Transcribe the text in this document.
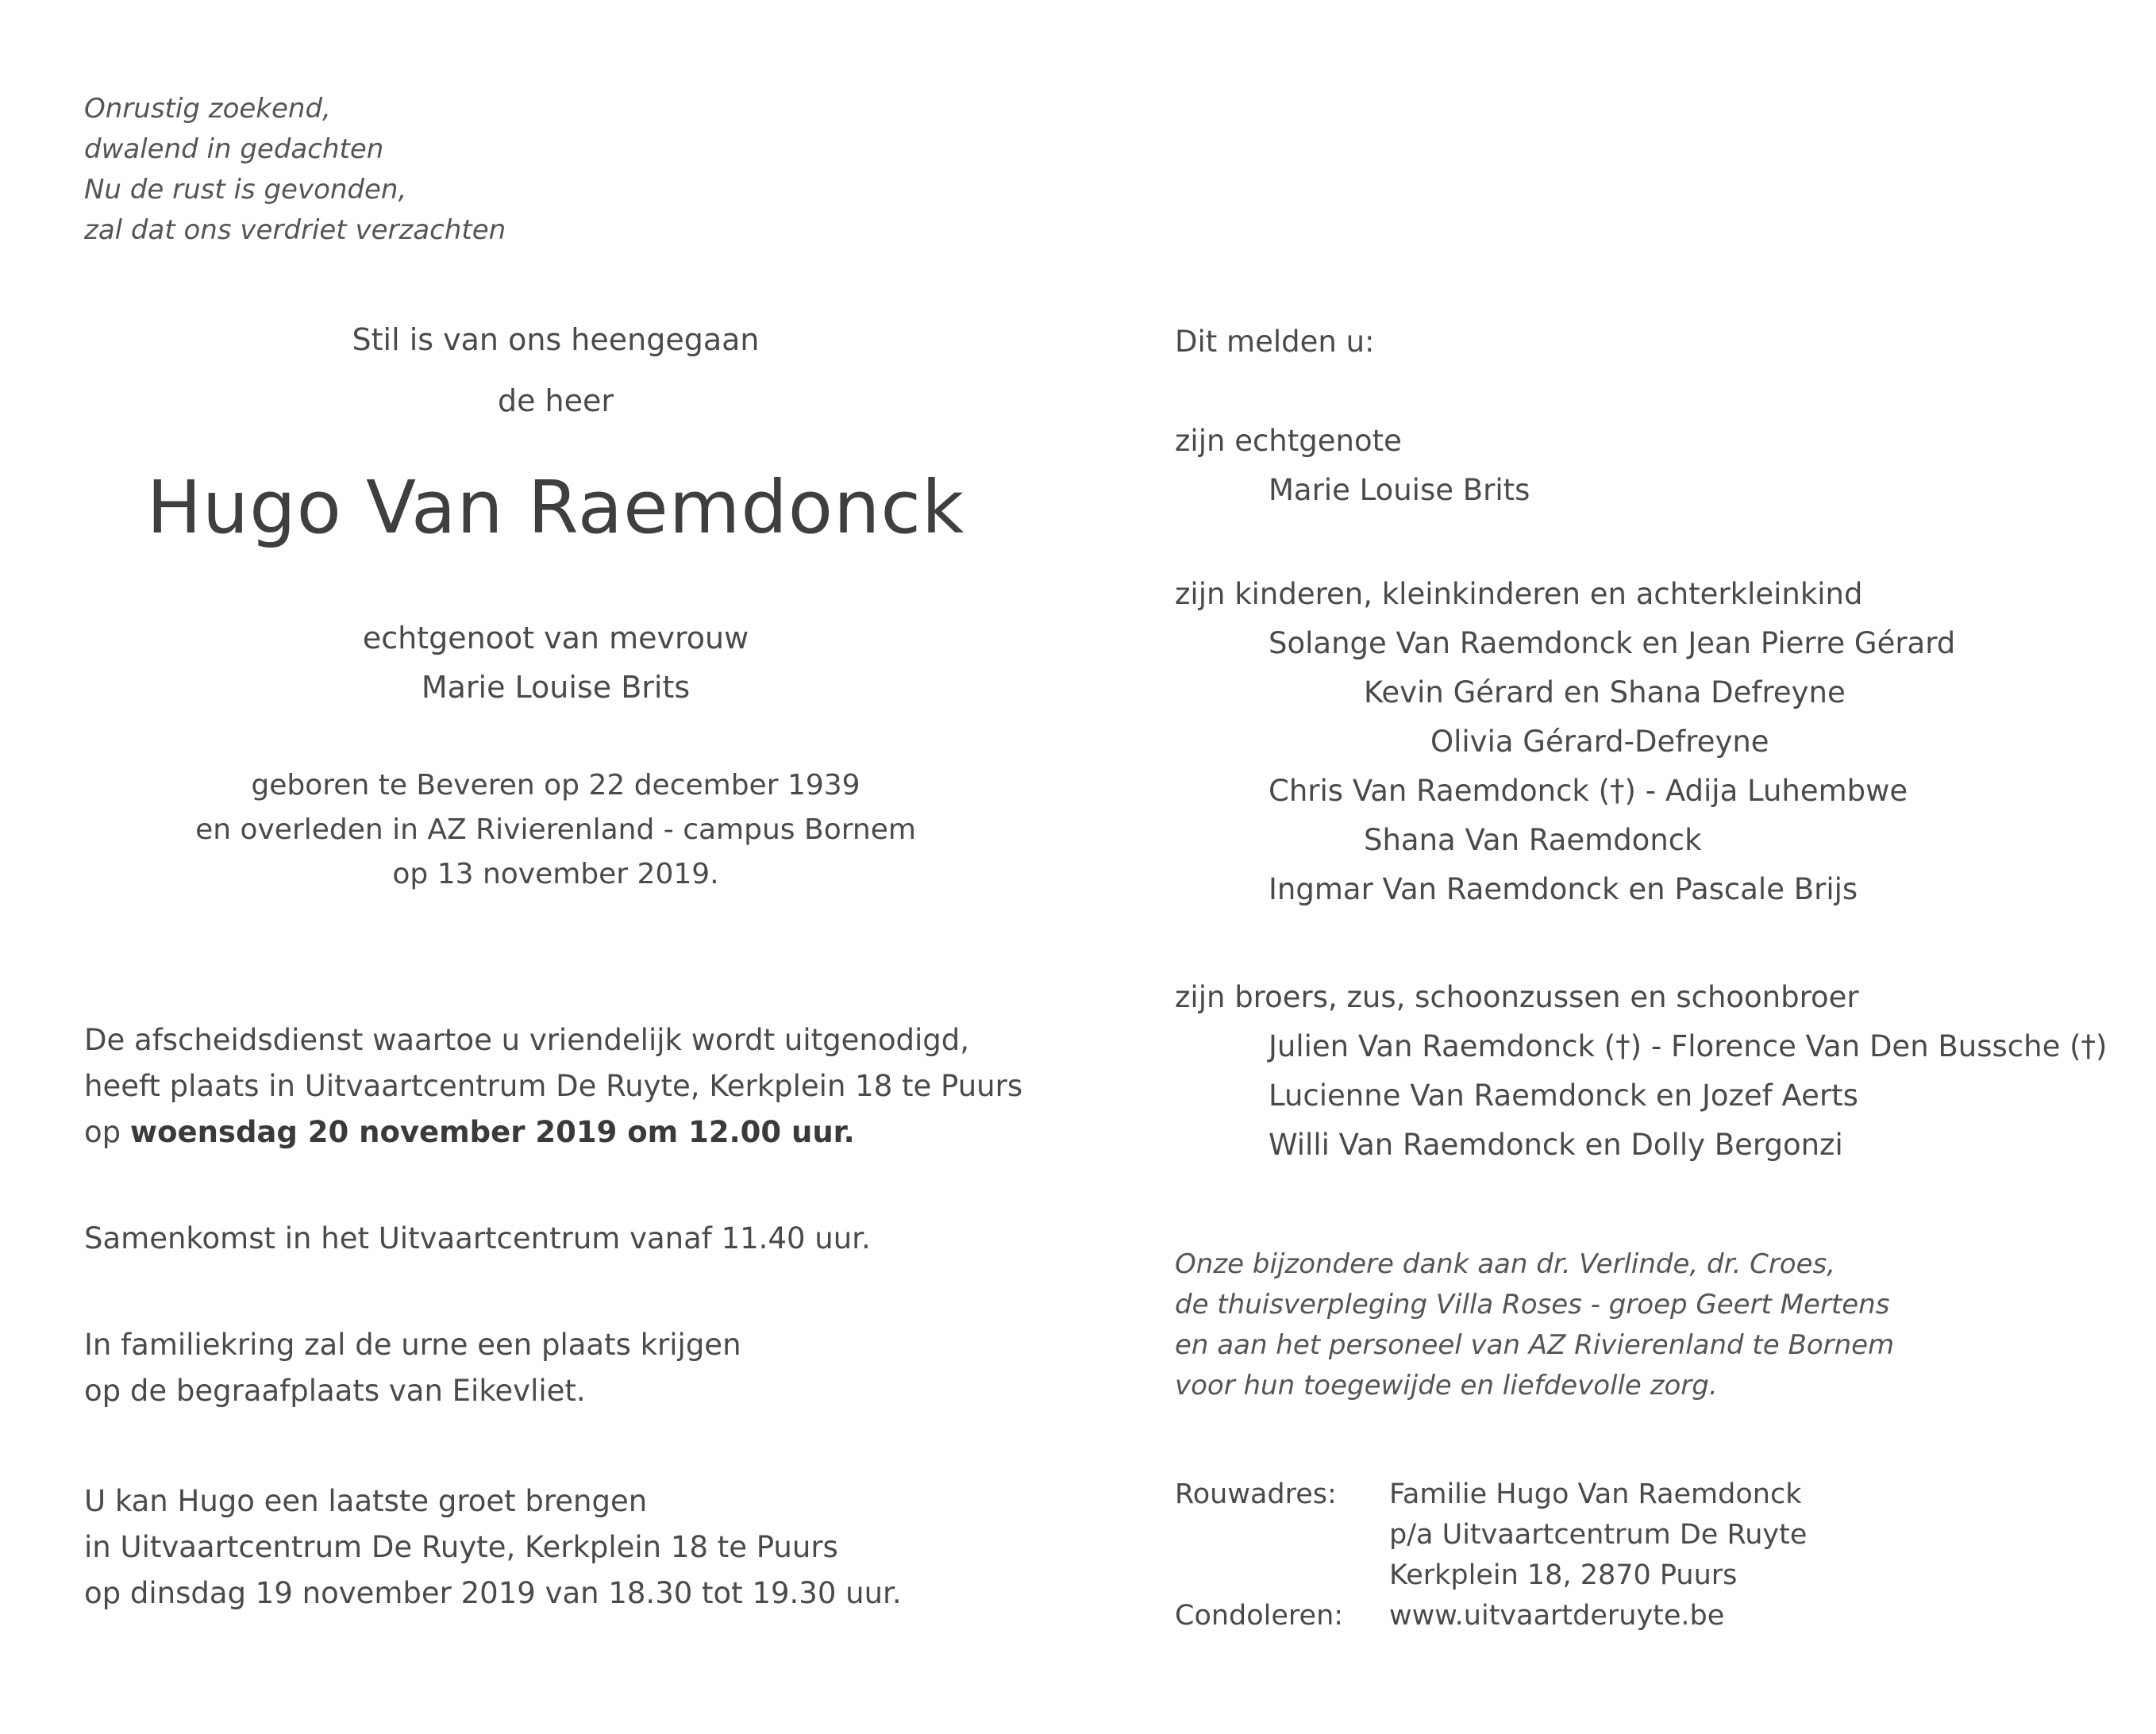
Onrustig zoekend,
dwalend in gedachten
Nu de rust is gevonden,
zal dat ons verdriet verzachten
Stil is van ons heengegaan
de heer
Hugo Van Raemdonck
echtgenoot van mevrouw
Marie Louise Brits
geboren te Beveren op 22 december 1939
en overleden in AZ Rivierenland - campus Bornem
op 13 november 2019.
De afscheidsdienst waartoe u vriendelijk wordt uitgenodigd,
heeft plaats in Uitvaartcentrum De Ruyte, Kerkplein 18 te Puurs
op woensdag 20 november 2019 om 12.00 uur.
Samenkomst in het Uitvaartcentrum vanaf 11.40 uur.
In familiekring zal de urne een plaats krijgen
op de begraafplaats van Eikevliet.
U kan Hugo een laatste groet brengen
in Uitvaartcentrum De Ruyte, Kerkplein 18 te Puurs
op dinsdag 19 november 2019 van 18.30 tot 19.30 uur.
Dit melden u:
zijn echtgenote
Marie Louise Brits
zijn kinderen, kleinkinderen en achterkleinkind
Solange Van Raemdonck en Jean Pierre Gérard
Kevin Gérard en Shana Defreyne
Olivia Gérard-Defreyne
Chris Van Raemdonck (†) - Adija Luhembwe
Shana Van Raemdonck
Ingmar Van Raemdonck en Pascale Brijs
zijn broers, zus, schoonzussen en schoonbroer
Julien Van Raemdonck (†) - Florence Van Den Bussche (†)
Lucienne Van Raemdonck en Jozef Aerts
Willi Van Raemdonck en Dolly Bergonzi
Onze bijzondere dank aan dr. Verlinde, dr. Croes,
de thuisverpleging Villa Roses - groep Geert Mertens
en aan het personeel van AZ Rivierenland te Bornem
voor hun toegewijde en liefdevolle zorg.
Rouwadres: Familie Hugo Van Raemdonck
p/a Uitvaartcentrum De Ruyte
Kerkplein 18, 2870 Puurs
Condoleren: www.uitvaartderuyte.be
